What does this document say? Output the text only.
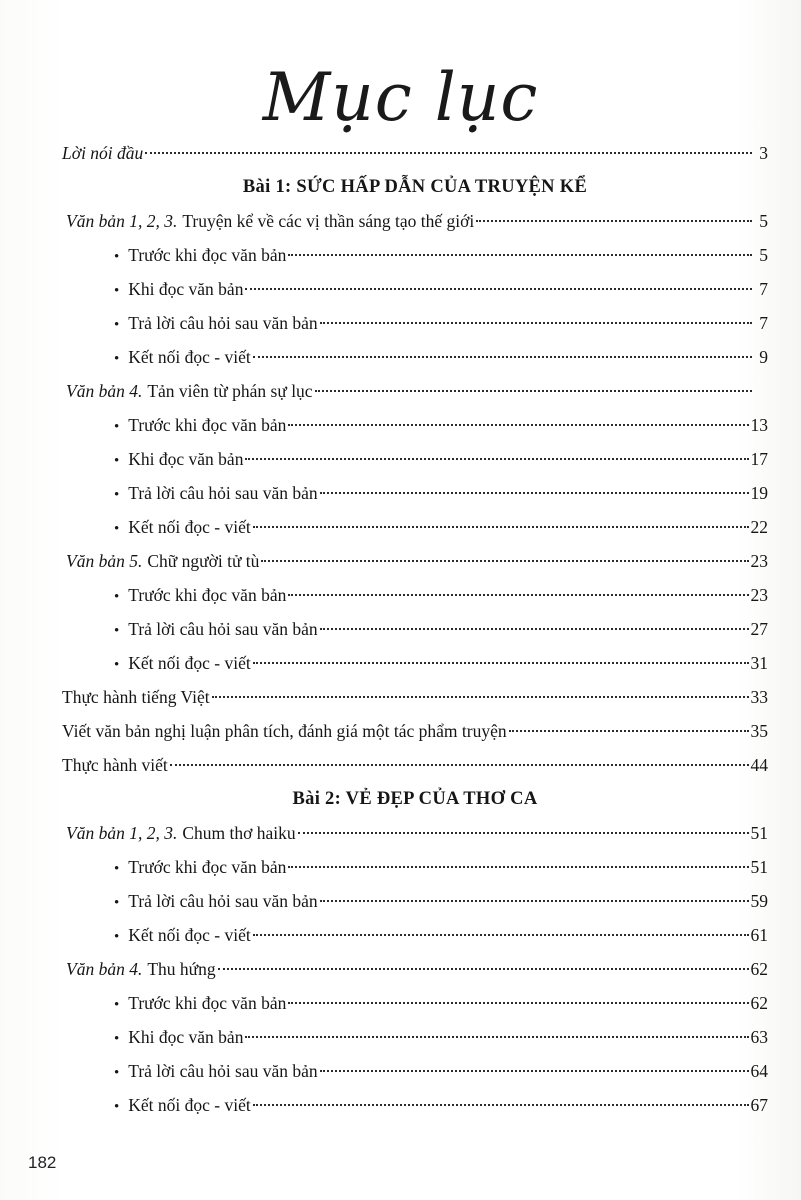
Mục lục
Lời nói đầu	3
Bài 1: SỨC HẤP DẪN CỦA TRUYỆN KỂ
Văn bản 1, 2, 3. Truyện kể về các vị thần sáng tạo thế giới	5
• Trước khi đọc văn bản	5
• Khi đọc văn bản	7
• Trả lời câu hỏi sau văn bản	7
• Kết nối đọc - viết	9
Văn bản 4. Tản viên từ phán sự lục
• Trước khi đọc văn bản	13
• Khi đọc văn bản	17
• Trả lời câu hỏi sau văn bản	19
• Kết nối đọc - viết	22
Văn bản 5. Chữ người tử tù	23
• Trước khi đọc văn bản	23
• Trả lời câu hỏi sau văn bản	27
• Kết nối đọc - viết	31
Thực hành tiếng Việt	33
Viết văn bản nghị luận phân tích, đánh giá một tác phẩm truyện	35
Thực hành viết	44
Bài 2: VẺ ĐẸP CỦA THƠ CA
Văn bản 1, 2, 3. Chum thơ haiku	51
• Trước khi đọc văn bản	51
• Trả lời câu hỏi sau văn bản	59
• Kết nối đọc - viết	61
Văn bản 4. Thu hứng	62
• Trước khi đọc văn bản	62
• Khi đọc văn bản	63
• Trả lời câu hỏi sau văn bản	64
• Kết nối đọc - viết	67
182
